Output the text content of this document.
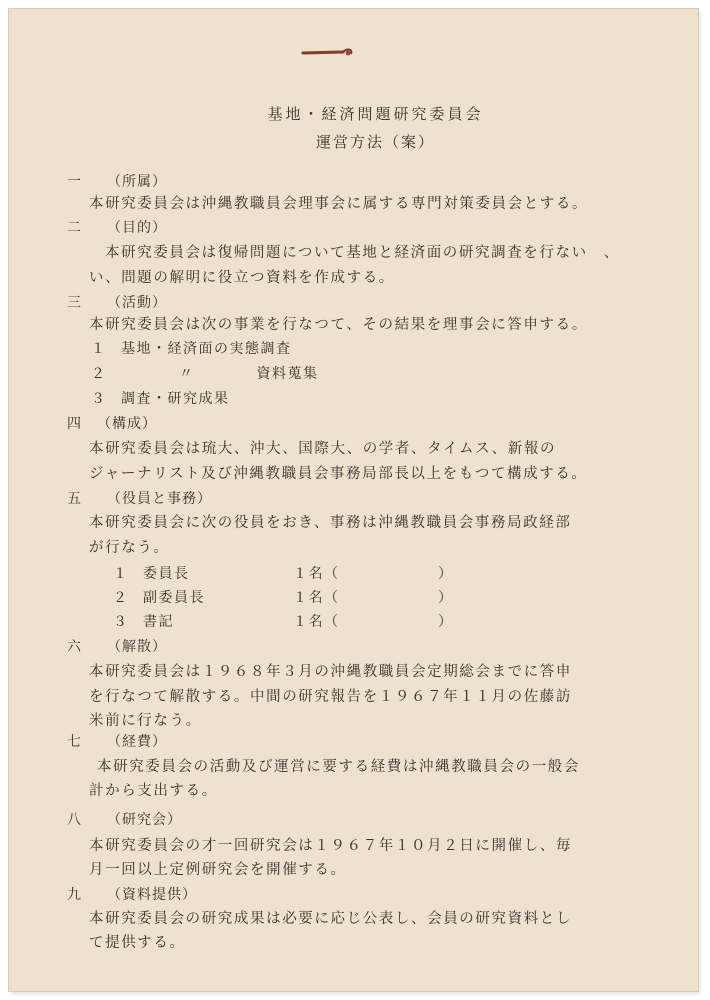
基地・経済問題研究委員会
運営方法（案）
一 （所属）
本研究委員会は沖縄教職員会理事会に属する専門対策委員会とする。
二 （目的）
本研究委員会は復帰問題について基地と経済面の研究調査を行ない　、
い、問題の解明に役立つ資料を作成する。
三 （活動）
本研究委員会は次の事業を行なつて、その結果を理事会に答申する。
１ 基地・経済面の実態調査
２	〃　　　　資料蒐集
３ 調査・研究成果
四 （構成）
本研究委員会は琉大、沖大、国際大、の学者、タイムス、新報の
ジャーナリスト及び沖縄教職員会事務局部長以上をもつて構成する。
五 （役員と事務）
本研究委員会に次の役員をおき、事務は沖縄教職員会事務局政経部
が行なう。
１ 委員長	１名（	）
２ 副委員長	１名（	）
３ 書記	１名（	）
六 （解散）
本研究委員会は１９６８年３月の沖縄教職員会定期総会までに答申
を行なつて解散する。中間の研究報告を１９６７年１１月の佐藤訪
米前に行なう。
七 （経費）
本研究委員会の活動及び運営に要する経費は沖縄教職員会の一般会
計から支出する。
八 （研究会）
本研究委員会の才一回研究会は１９６７年１０月２日に開催し、毎
月一回以上定例研究会を開催する。
九 （資料提供）
本研究委員会の研究成果は必要に応じ公表し、会員の研究資料とし
て提供する。
